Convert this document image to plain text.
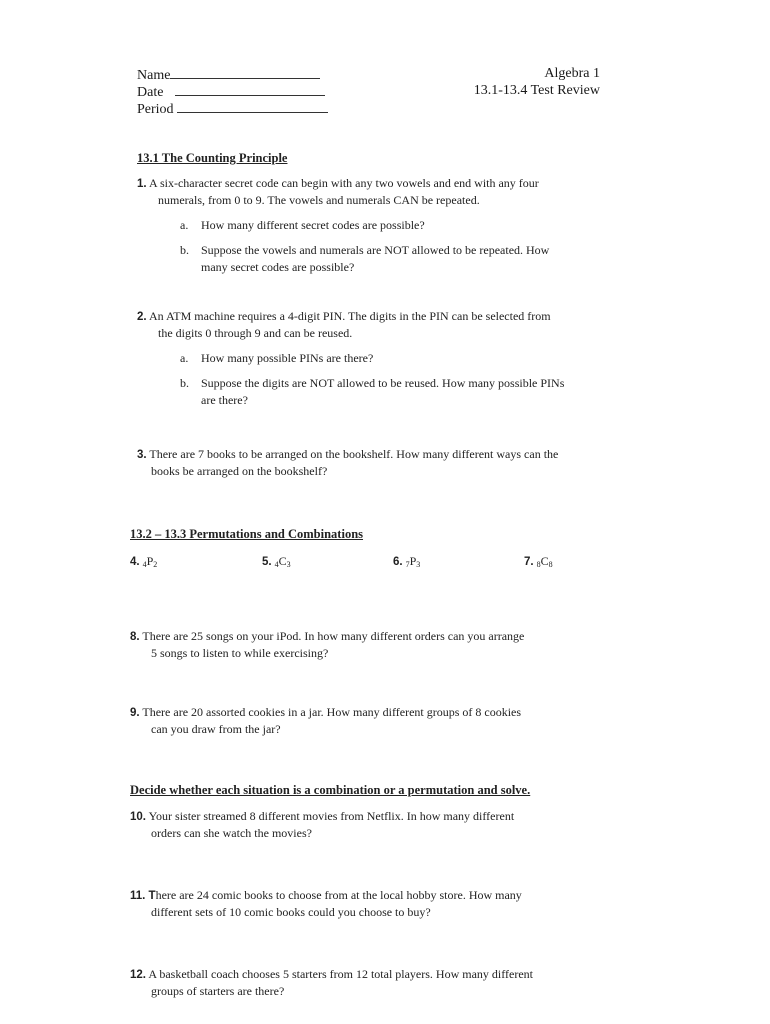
Name
Date
Period
Algebra 1
13.1-13.4 Test Review
13.1 The Counting Principle
1. A six-character secret code can begin with any two vowels and end with any four
numerals, from 0 to 9. The vowels and numerals CAN be repeated.
a. How many different secret codes are possible?
b. Suppose the vowels and numerals are NOT allowed to be repeated. How
many secret codes are possible?
2. An ATM machine requires a 4-digit PIN. The digits in the PIN can be selected from
the digits 0 through 9 and can be reused.
a. How many possible PINs are there?
b. Suppose the digits are NOT allowed to be reused. How many possible PINs
are there?
3. There are 7 books to be arranged on the bookshelf. How many different ways can the
books be arranged on the bookshelf?
13.2 – 13.3 Permutations and Combinations
4. $4P_2$	5. $4C_3$	6. $7P_3$	7. $8C_8$
8. There are 25 songs on your iPod. In how many different orders can you arrange
5 songs to listen to while exercising?
9. There are 20 assorted cookies in a jar. How many different groups of 8 cookies
can you draw from the jar?
Decide whether each situation is a combination or a permutation and solve.
10. Your sister streamed 8 different movies from Netflix. In how many different
orders can she watch the movies?
11. There are 24 comic books to choose from at the local hobby store. How many
different sets of 10 comic books could you choose to buy?
12. A basketball coach chooses 5 starters from 12 total players. How many different
groups of starters are there?
